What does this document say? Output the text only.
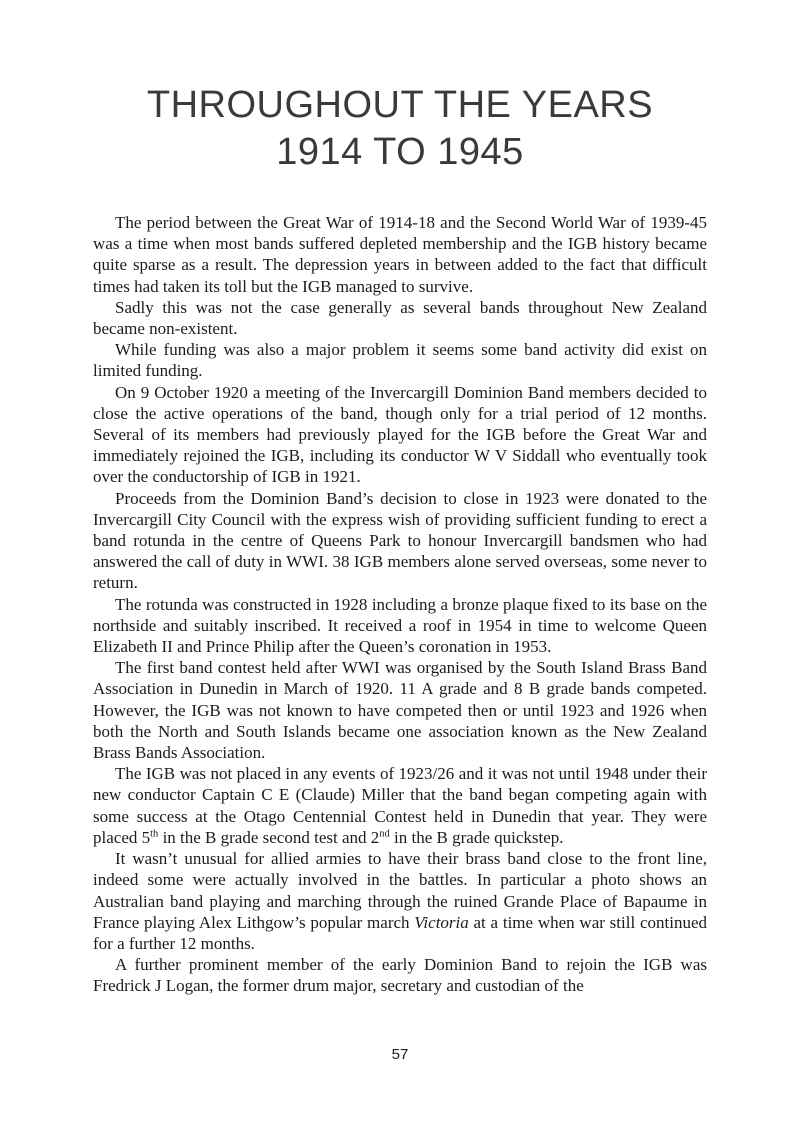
THROUGHOUT THE YEARS
1914 TO 1945

The period between the Great War of 1914-18 and the Second World War of 1939-45 was a time when most bands suffered depleted membership and the IGB history became quite sparse as a result. The depression years in between added to the fact that difficult times had taken its toll but the IGB managed to survive.

Sadly this was not the case generally as several bands throughout New Zealand became non-existent.

While funding was also a major problem it seems some band activity did exist on limited funding.

On 9 October 1920 a meeting of the Invercargill Dominion Band members decided to close the active operations of the band, though only for a trial period of 12 months. Several of its members had previously played for the IGB before the Great War and immediately rejoined the IGB, including its conductor W V Siddall who eventually took over the conductorship of IGB in 1921.

Proceeds from the Dominion Band’s decision to close in 1923 were donated to the Invercargill City Council with the express wish of providing sufficient funding to erect a band rotunda in the centre of Queens Park to honour Invercargill bandsmen who had answered the call of duty in WWI. 38 IGB members alone served overseas, some never to return.

The rotunda was constructed in 1928 including a bronze plaque fixed to its base on the northside and suitably inscribed. It received a roof in 1954 in time to welcome Queen Elizabeth II and Prince Philip after the Queen’s coronation in 1953.

The first band contest held after WWI was organised by the South Island Brass Band Association in Dunedin in March of 1920. 11 A grade and 8 B grade bands competed. However, the IGB was not known to have competed then or until 1923 and 1926 when both the North and South Islands became one association known as the New Zealand Brass Bands Association.

The IGB was not placed in any events of 1923/26 and it was not until 1948 under their new conductor Captain C E (Claude) Miller that the band began competing again with some success at the Otago Centennial Contest held in Dunedin that year. They were placed 5th in the B grade second test and 2nd in the B grade quickstep.

It wasn’t unusual for allied armies to have their brass band close to the front line, indeed some were actually involved in the battles. In particular a photo shows an Australian band playing and marching through the ruined Grande Place of Bapaume in France playing Alex Lithgow’s popular march Victoria at a time when war still continued for a further 12 months.

A further prominent member of the early Dominion Band to rejoin the IGB was Fredrick J Logan, the former drum major, secretary and custodian of the

57
